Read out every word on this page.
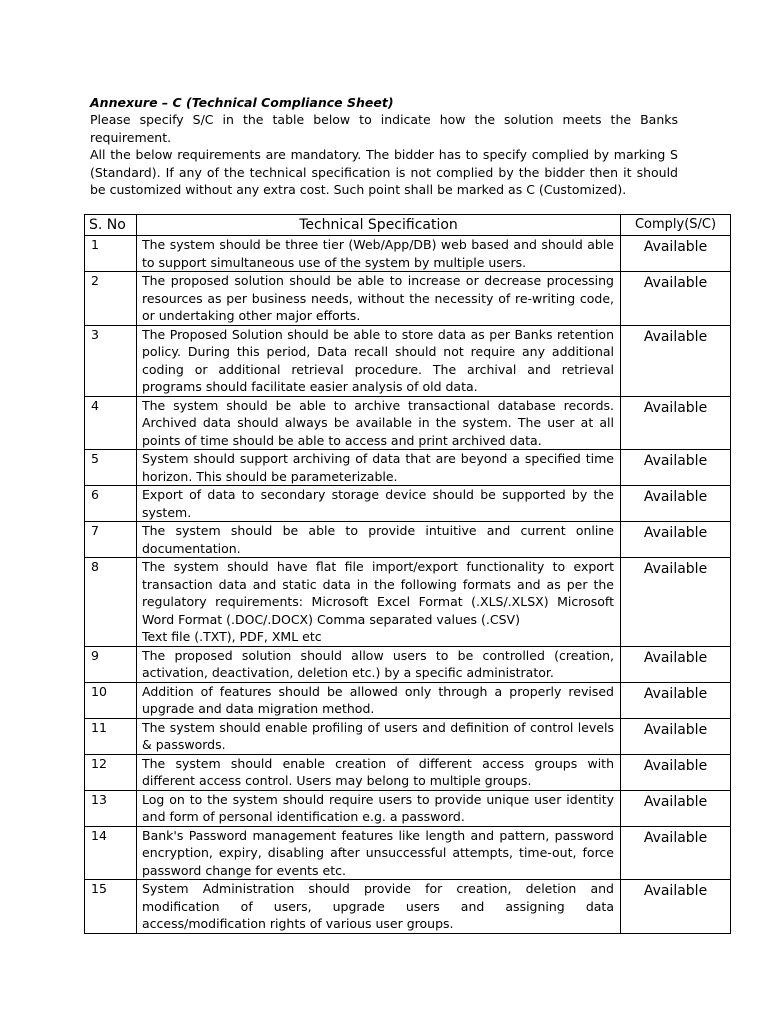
Annexure – C (Technical Compliance Sheet)

Please specify S/C in the table below to indicate how the solution meets the Banks requirement.

All the below requirements are mandatory. The bidder has to specify complied by marking S (Standard). If any of the technical specification is not complied by the bidder then it should be customized without any extra cost. Such point shall be marked as C (Customized).

S. No	Technical Specification	Comply(S/C)
1	The system should be three tier (Web/App/DB) web based and should able to support simultaneous use of the system by multiple users.	Available
2	The proposed solution should be able to increase or decrease processing resources as per business needs, without the necessity of re-writing code, or undertaking other major efforts.	Available
3	The Proposed Solution should be able to store data as per Banks retention policy. During this period, Data recall should not require any additional coding or additional retrieval procedure. The archival and retrieval programs should facilitate easier analysis of old data.	Available
4	The system should be able to archive transactional database records. Archived data should always be available in the system. The user at all points of time should be able to access and print archived data.	Available
5	System should support archiving of data that are beyond a specified time horizon. This should be parameterizable.	Available
6	Export of data to secondary storage device should be supported by the system.	Available
7	The system should be able to provide intuitive and current online documentation.	Available
8	The system should have flat file import/export functionality to export transaction data and static data in the following formats and as per the regulatory requirements: Microsoft Excel Format (.XLS/.XLSX) Microsoft Word Format (.DOC/.DOCX) Comma separated values (.CSV)
Text file (.TXT), PDF, XML etc	Available
9	The proposed solution should allow users to be controlled (creation, activation, deactivation, deletion etc.) by a specific administrator.	Available
10	Addition of features should be allowed only through a properly revised upgrade and data migration method.	Available
11	The system should enable profiling of users and definition of control levels & passwords.	Available
12	The system should enable creation of different access groups with different access control. Users may belong to multiple groups.	Available
13	Log on to the system should require users to provide unique user identity and form of personal identification e.g. a password.	Available
14	Bank's Password management features like length and pattern, password encryption, expiry, disabling after unsuccessful attempts, time-out, force password change for events etc.	Available
15	System Administration should provide for creation, deletion and modification of users, upgrade users and assigning data access/modification rights of various user groups.	Available
